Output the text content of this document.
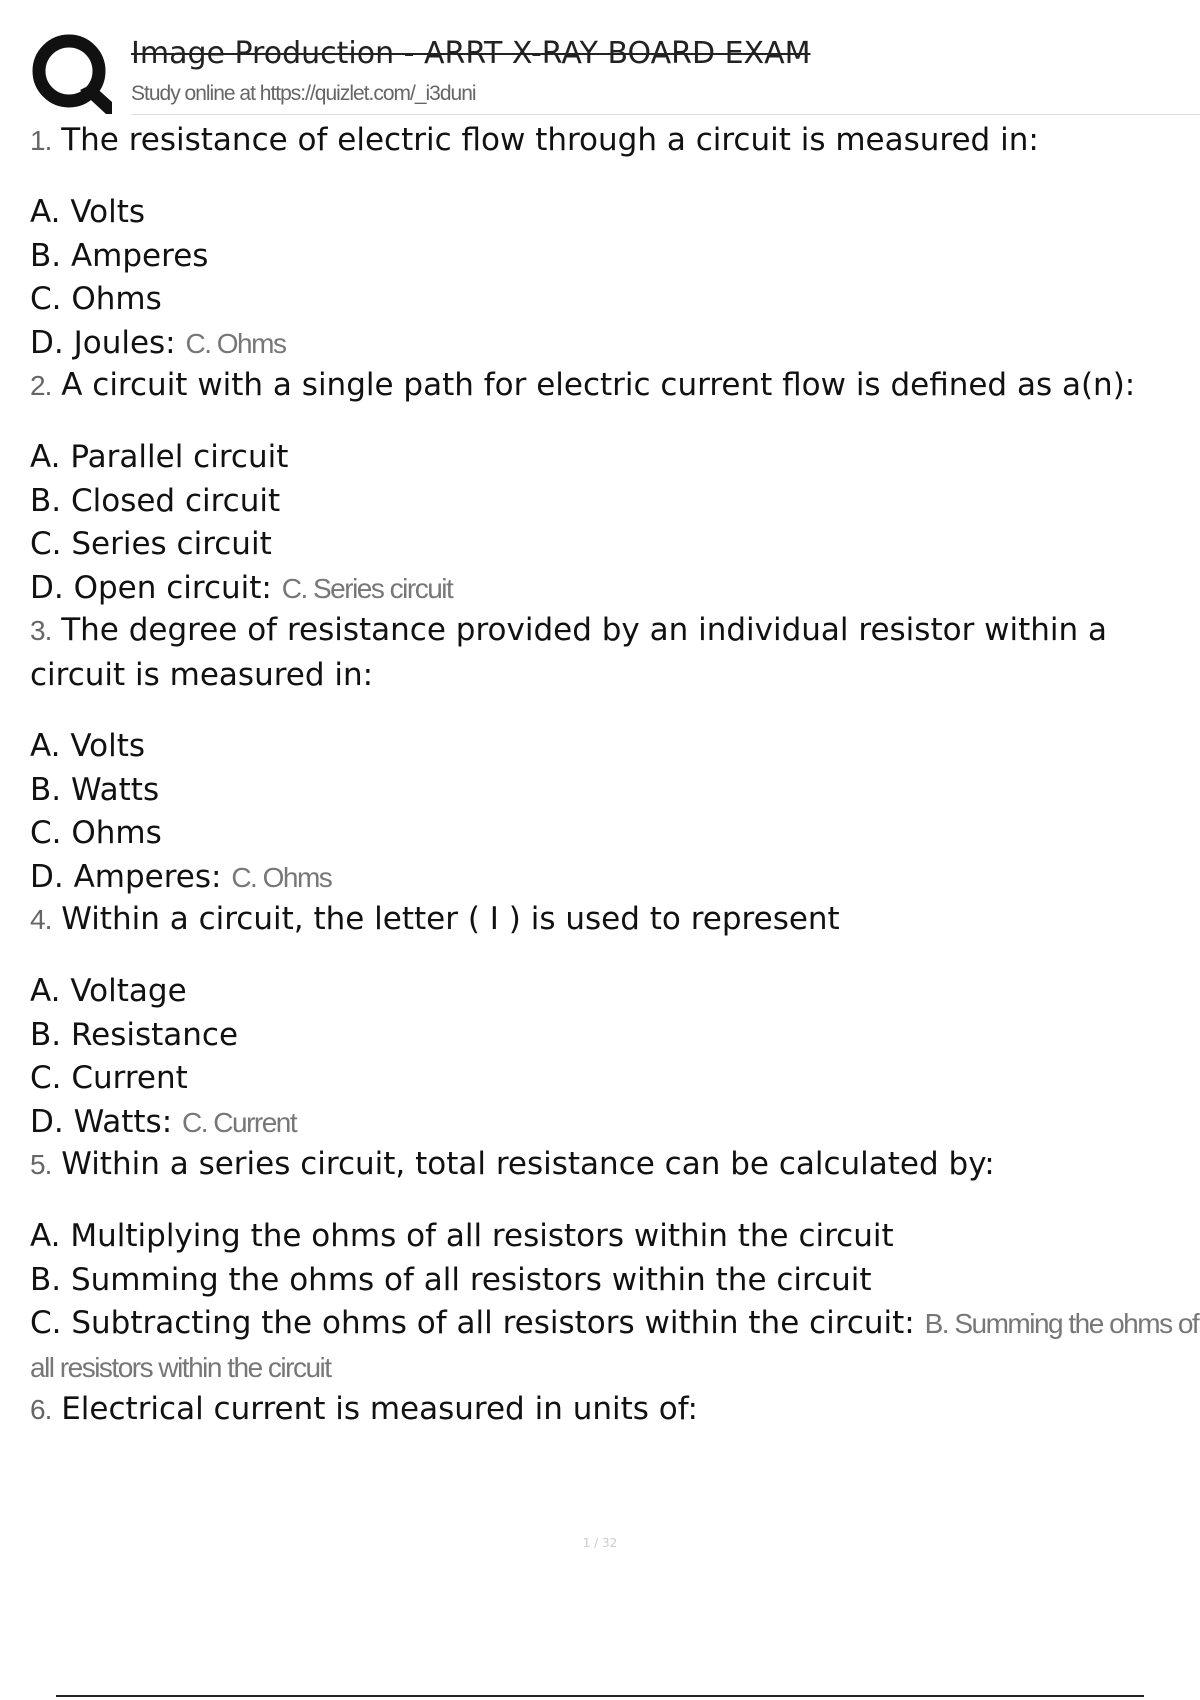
Image Production - ARRT X-RAY BOARD EXAM
Study online at https://quizlet.com/_i3duni
1. The resistance of electric flow through a circuit is measured in:
A. Volts
B. Amperes
C. Ohms
D. Joules: C. Ohms
2. A circuit with a single path for electric current flow is defined as a(n):
A. Parallel circuit
B. Closed circuit
C. Series circuit
D. Open circuit: C. Series circuit
3. The degree of resistance provided by an individual resistor within a circuit is measured in:
A. Volts
B. Watts
C. Ohms
D. Amperes: C. Ohms
4. Within a circuit, the letter ( I ) is used to represent
A. Voltage
B. Resistance
C. Current
D. Watts: C. Current
5. Within a series circuit, total resistance can be calculated by:
A. Multiplying the ohms of all resistors within the circuit
B. Summing the ohms of all resistors within the circuit
C. Subtracting the ohms of all resistors within the circuit: B. Summing the ohms of all resistors within the circuit
6. Electrical current is measured in units of:
1 / 32
